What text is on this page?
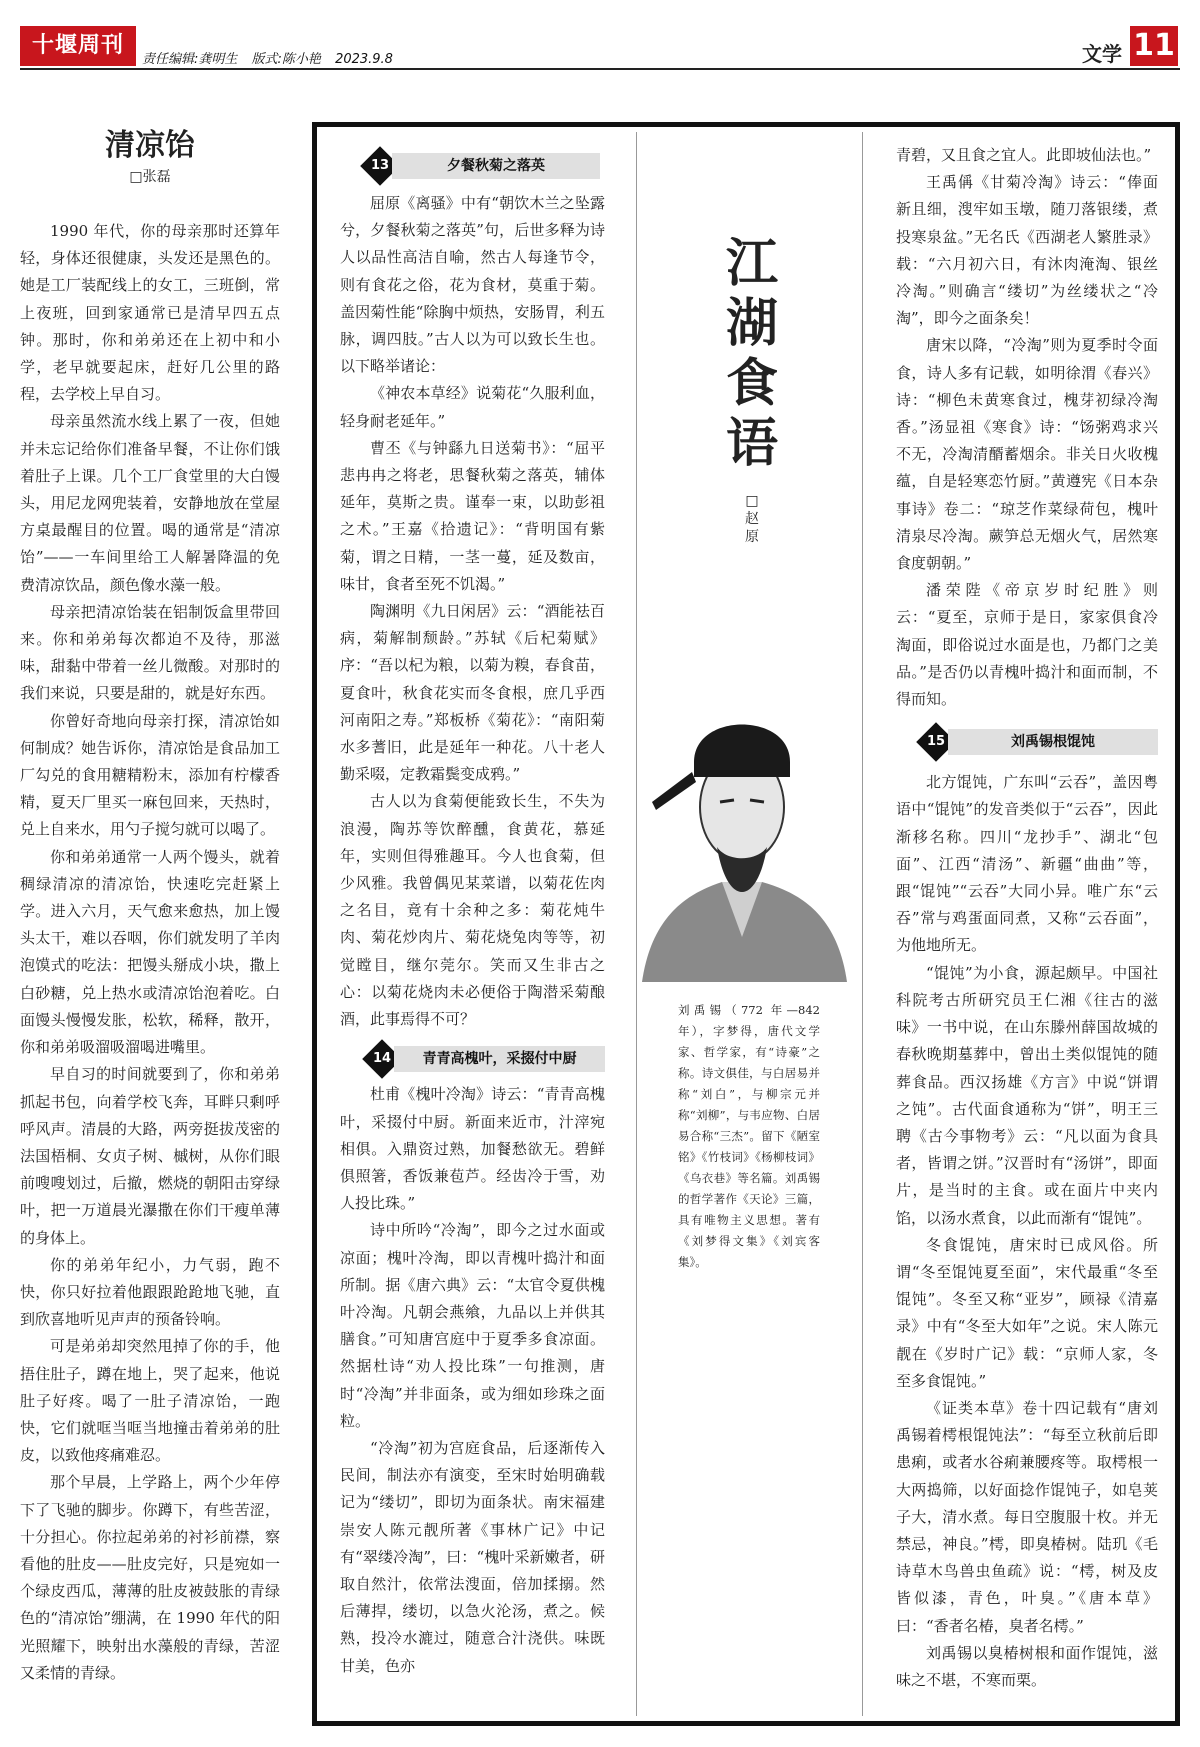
十堰周刊
责任编辑:龚明生 版式:陈小艳 2023.9.8	文学 11
清凉饴
□张磊

1990 年代，你的母亲那时还算年轻，身体还很健康，头发还是黑色的。她是工厂装配线上的女工，三班倒，常上夜班，回到家通常已是清早四五点钟。那时，你和弟弟还在上初中和小学，老早就要起床，赶好几公里的路程，去学校上早自习。

母亲虽然流水线上累了一夜，但她并未忘记给你们准备早餐，不让你们饿着肚子上课。几个工厂食堂里的大白馒头，用尼龙网兜装着，安静地放在堂屋方桌最醒目的位置。喝的通常是“清凉饴”——一车间里给工人解暑降温的免费清凉饮品，颜色像水藻一般。

母亲把清凉饴装在铝制饭盒里带回来。你和弟弟每次都迫不及待，那滋味，甜黏中带着一丝儿微酸。对那时的我们来说，只要是甜的，就是好东西。

你曾好奇地向母亲打探，清凉饴如何制成？她告诉你，清凉饴是食品加工厂勾兑的食用糖精粉末，添加有柠檬香精，夏天厂里买一麻包回来，天热时，兑上自来水，用勺子搅匀就可以喝了。

你和弟弟通常一人两个馒头，就着稠绿清凉的清凉饴，快速吃完赶紧上学。进入六月，天气愈来愈热，加上馒头太干，难以吞咽，你们就发明了羊肉泡馍式的吃法：把馒头掰成小块，撒上白砂糖，兑上热水或清凉饴泡着吃。白面馒头慢慢发胀，松软，稀释，散开，你和弟弟吸溜吸溜喝进嘴里。

早自习的时间就要到了，你和弟弟抓起书包，向着学校飞奔，耳畔只剩呼呼风声。清晨的大路，两旁挺拔茂密的法国梧桐、女贞子树、槭树，从你们眼前嗖嗖划过，后撤，燃烧的朝阳击穿绿叶，把一万道晨光瀑撒在你们干瘦单薄的身体上。

你的弟弟年纪小，力气弱，跑不快，你只好拉着他跟跟跄跄地飞驰，直到欣喜地听见声声的预备铃响。

可是弟弟却突然甩掉了你的手，他捂住肚子，蹲在地上，哭了起来，他说肚子好疼。喝了一肚子清凉饴，一跑快，它们就哐当哐当地撞击着弟弟的肚皮，以致他疼痛难忍。

那个早晨，上学路上，两个少年停下了飞驰的脚步。你蹲下，有些苦涩，十分担心。你拉起弟弟的衬衫前襟，察看他的肚皮——肚皮完好，只是宛如一个绿皮西瓜，薄薄的肚皮被鼓胀的青绿色的“清凉饴”绷满，在 1990 年代的阳光照耀下，映射出水藻般的青绿，苦涩又柔情的青绿。

13	夕餐秋菊之落英

屈原《离骚》中有“朝饮木兰之坠露兮，夕餐秋菊之落英”句，后世多释为诗人以品性高洁自喻，然古人每逢节令，则有食花之俗，花为食材，莫重于菊。盖因菊性能“除胸中烦热，安肠胃，利五脉，调四肢。”古人以为可以致长生也。以下略举诸论：

《神农本草经》说菊花“久服利血，轻身耐老延年。”

曹丕《与钟繇九日送菊书》：“屈平悲冉冉之将老，思餐秋菊之落英，辅体延年，莫斯之贵。谨奉一束，以助彭祖之术。”王嘉《拾遗记》：“背明国有紫菊，谓之日精，一茎一蔓，延及数亩，味甘，食者至死不饥渴。”

陶渊明《九日闲居》云：“酒能祛百病，菊解制颓龄。”苏轼《后杞菊赋》序：“吾以杞为粮，以菊为糗，春食苗，夏食叶，秋食花实而冬食根，庶几乎西河南阳之寿。”郑板桥《菊花》：“南阳菊水多蓍旧，此是延年一种花。八十老人勤采啜，定教霜鬓变成鸦。”

古人以为食菊便能致长生，不失为浪漫，陶苏等饮醉醺，食黄花，慕延年，实则但得雅趣耳。今人也食菊，但少风雅。我曾偶见某菜谱，以菊花佐肉之名目，竟有十余种之多：菊花炖牛肉、菊花炒肉片、菊花烧兔肉等等，初觉瞠目，继尔莞尔。笑而又生非古之心：以菊花烧肉未必便俗于陶潜采菊酿酒，此事焉得不可？

14	青青高槐叶，采掇付中厨

杜甫《槐叶冷淘》诗云：“青青高槐叶，采掇付中厨。新面来近市，汁滓宛相俱。入鼎资过熟，加餐愁欲无。碧鲜俱照箸，香饭兼苞芦。经齿冷于雪，劝人投比珠。”

诗中所吟“冷淘”，即今之过水面或凉面；槐叶冷淘，即以青槐叶捣汁和面所制。据《唐六典》云：“太官令夏供槐叶冷淘。凡朝会燕飨，九品以上并供其膳食。”可知唐宫庭中于夏季多食凉面。然据杜诗“劝人投比珠”一句推测，唐时“冷淘”并非面条，或为细如珍珠之面粒。

“冷淘”初为宫庭食品，后逐渐传入民间，制法亦有演变，至宋时始明确载记为“缕切”，即切为面条状。南宋福建崇安人陈元靓所著《事林广记》中记有“翠缕冷淘”，曰：“槐叶采新嫩者，研取自然汁，依常法溲面，倍加揉搦。然后薄捍，缕切，以急火沦汤，煮之。候熟，投冷水漉过，随意合汁浇供。味既甘美，色亦

江湖食语
□赵原
刘禹锡（772 年—842 年），字梦得，唐代文学家、哲学家，有“诗豪”之称。诗文俱佳，与白居易并称“刘白”，与柳宗元并称“刘柳”，与韦应物、白居易合称“三杰”。留下《陋室铭》《竹枝词》《杨柳枝词》《乌衣巷》等名篇。刘禹锡的哲学著作《天论》三篇，具有唯物主义思想。著有《刘梦得文集》《刘宾客集》。

青碧，又且食之宜人。此即坡仙法也。”

王禹偁《甘菊冷淘》诗云：“俸面新且细，溲牢如玉墩，随刀落银缕，煮投寒泉盆。”无名氏《西湖老人繁胜录》载：“六月初六日，有沐肉淹淘、银丝冷淘。”则确言“缕切”为丝缕状之“冷淘”，即今之面条矣！

唐宋以降，“冷淘”则为夏季时令面食，诗人多有记载，如明徐渭《春兴》诗：“柳色未黄寒食过，槐芽初绿冷淘香。”汤显祖《寒食》诗：“饧粥鸡求兴不无，冷淘清醑蓄烟余。非关日火收槐蕴，自是轻寒恋竹厨。”黄遵宪《日本杂事诗》卷二：“琼芝作菜绿荷包，槐叶清泉尽冷淘。蕨笋总无烟火气，居然寒食度朝朝。”

潘荣陛《帝京岁时纪胜》则云：“夏至，京师于是日，家家俱食冷淘面，即俗说过水面是也，乃都门之美品。”是否仍以青槐叶捣汁和面而制，不得而知。

15	刘禹锡根馄饨

北方馄饨，广东叫“云吞”，盖因粤语中“馄饨”的发音类似于“云吞”，因此渐移名称。四川“龙抄手”、湖北“包面”、江西“清汤”、新疆“曲曲”等，跟“馄饨”“云吞”大同小异。唯广东“云吞”常与鸡蛋面同煮，又称“云吞面”，为他地所无。

“馄饨”为小食，源起颇早。中国社科院考古所研究员王仁湘《往古的滋味》一书中说，在山东滕州薛国故城的春秋晚期墓葬中，曾出土类似馄饨的随葬食品。西汉扬雄《方言》中说“饼谓之饨”。古代面食通称为“饼”，明王三聘《古今事物考》云：“凡以面为食具者，皆谓之饼。”汉晋时有“汤饼”，即面片，是当时的主食。或在面片中夹内馅，以汤水煮食，以此而渐有“馄饨”。

冬食馄饨，唐宋时已成风俗。所谓“冬至馄饨夏至面”，宋代最重“冬至馄饨”。冬至又称“亚岁”，顾禄《清嘉录》中有“冬至大如年”之说。宋人陈元靓在《岁时广记》载：“京师人家，冬至多食馄饨。”

《证类本草》卷十四记载有“唐刘禹锡着樗根馄饨法”：“每至立秋前后即患痢，或者水谷痢兼腰疼等。取樗根一大两捣筛，以好面捻作馄饨子，如皂荚子大，清水煮。每日空腹服十枚。并无禁忌，神良。”樗，即臭椿树。陆玑《毛诗草木鸟兽虫鱼疏》说：“樗，树及皮皆似漆，青色，叶臭。”《唐本草》曰：“香者名椿，臭者名樗。”

刘禹锡以臭椿树根和面作馄饨，滋味之不堪，不寒而栗。
